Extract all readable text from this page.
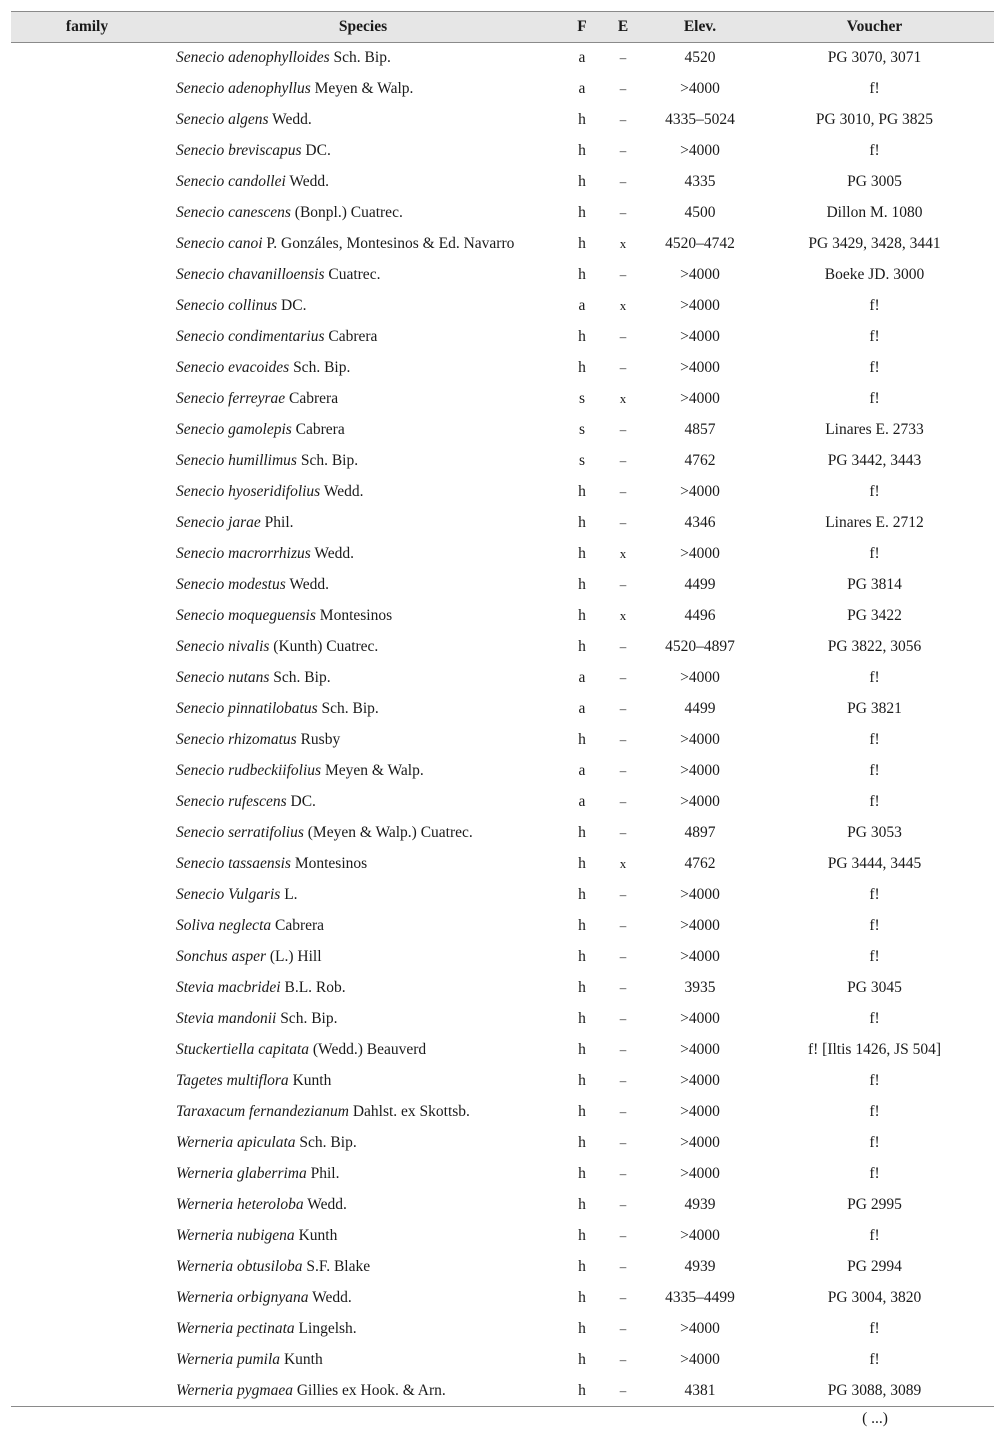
family	Species	F	E	Elev.	Voucher
	Senecio adenophylloides Sch. Bip.	a	–	4520	PG 3070, 3071
	Senecio adenophyllus Meyen & Walp.	a	–	>4000	f!
	Senecio algens Wedd.	h	–	4335–5024	PG 3010, PG 3825
	Senecio breviscapus DC.	h	–	>4000	f!
	Senecio candollei Wedd.	h	–	4335	PG 3005
	Senecio canescens (Bonpl.) Cuatrec.	h	–	4500	Dillon M. 1080
	Senecio canoi P. Gonzáles, Montesinos & Ed. Navarro	h	x	4520–4742	PG 3429, 3428, 3441
	Senecio chavanilloensis Cuatrec.	h	–	>4000	Boeke JD. 3000
	Senecio collinus DC.	a	x	>4000	f!
	Senecio condimentarius Cabrera	h	–	>4000	f!
	Senecio evacoides Sch. Bip.	h	–	>4000	f!
	Senecio ferreyrae Cabrera	s	x	>4000	f!
	Senecio gamolepis Cabrera	s	–	4857	Linares E. 2733
	Senecio humillimus Sch. Bip.	s	–	4762	PG 3442, 3443
	Senecio hyoseridifolius Wedd.	h	–	>4000	f!
	Senecio jarae Phil.	h	–	4346	Linares E. 2712
	Senecio macrorrhizus Wedd.	h	x	>4000	f!
	Senecio modestus Wedd.	h	–	4499	PG 3814
	Senecio moqueguensis Montesinos	h	x	4496	PG 3422
	Senecio nivalis (Kunth) Cuatrec.	h	–	4520–4897	PG 3822, 3056
	Senecio nutans Sch. Bip.	a	–	>4000	f!
	Senecio pinnatilobatus Sch. Bip.	a	–	4499	PG 3821
	Senecio rhizomatus Rusby	h	–	>4000	f!
	Senecio rudbeckiifolius Meyen & Walp.	a	–	>4000	f!
	Senecio rufescens DC.	a	–	>4000	f!
	Senecio serratifolius (Meyen & Walp.) Cuatrec.	h	–	4897	PG 3053
	Senecio tassaensis Montesinos	h	x	4762	PG 3444, 3445
	Senecio Vulgaris L.	h	–	>4000	f!
	Soliva neglecta Cabrera	h	–	>4000	f!
	Sonchus asper (L.) Hill	h	–	>4000	f!
	Stevia macbridei B.L. Rob.	h	–	3935	PG 3045
	Stevia mandonii Sch. Bip.	h	–	>4000	f!
	Stuckertiella capitata (Wedd.) Beauverd	h	–	>4000	f! [Iltis 1426, JS 504]
	Tagetes multiflora Kunth	h	–	>4000	f!
	Taraxacum fernandezianum Dahlst. ex Skottsb.	h	–	>4000	f!
	Werneria apiculata Sch. Bip.	h	–	>4000	f!
	Werneria glaberrima Phil.	h	–	>4000	f!
	Werneria heteroloba Wedd.	h	–	4939	PG 2995
	Werneria nubigena Kunth	h	–	>4000	f!
	Werneria obtusiloba S.F. Blake	h	–	4939	PG 2994
	Werneria orbignyana Wedd.	h	–	4335–4499	PG 3004, 3820
	Werneria pectinata Lingelsh.	h	–	>4000	f!
	Werneria pumila Kunth	h	–	>4000	f!
	Werneria pygmaea Gillies ex Hook. & Arn.	h	–	4381	PG 3088, 3089
( ...)
